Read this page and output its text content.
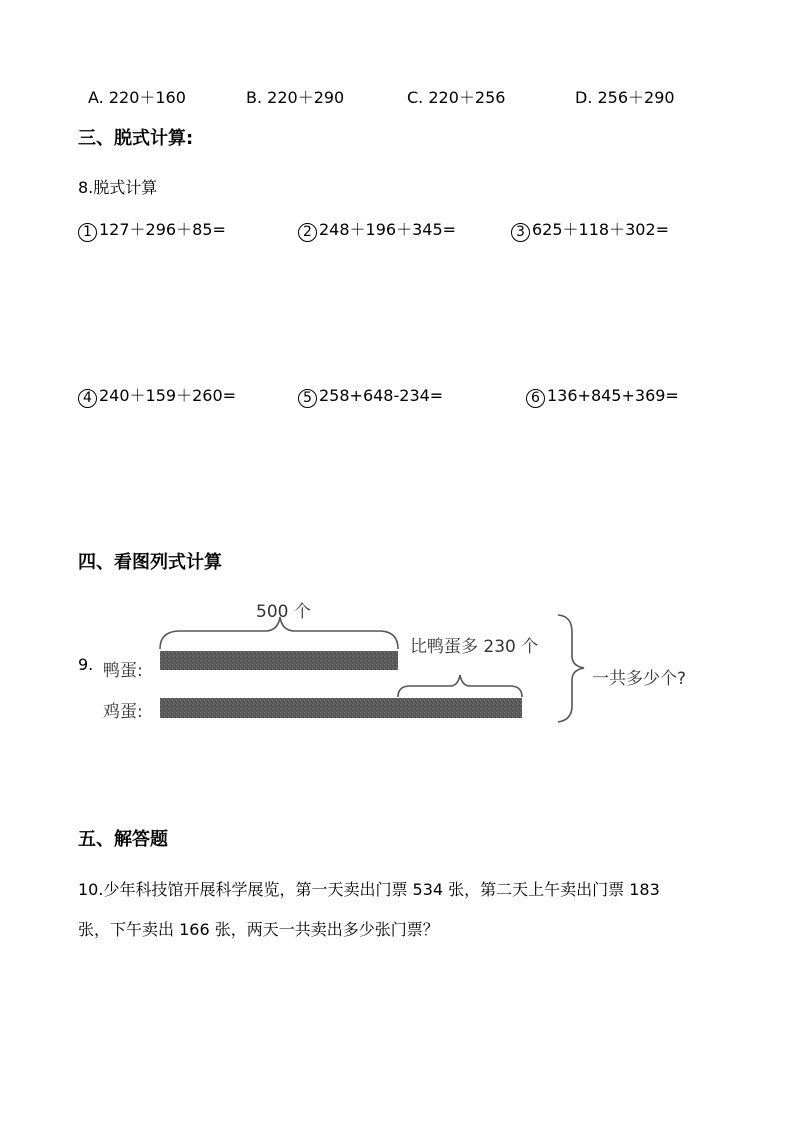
A. 220＋160	B. 220＋290	C. 220＋256	D. 256＋290
三、脱式计算:
8.脱式计算
1 127＋296＋85=	2 248＋196＋345=	3 625＋118＋302=
4 240＋159＋260=	5 258+648-234=	6 136+845+369=
四、看图列式计算
9.
500 个
比鸭蛋多 230 个
鸭蛋:
鸡蛋:
一共多少个?
五、解答题
10.少年科技馆开展科学展览，第一天卖出门票 534 张，第二天上午卖出门票 183
张，下午卖出 166 张，两天一共卖出多少张门票？
